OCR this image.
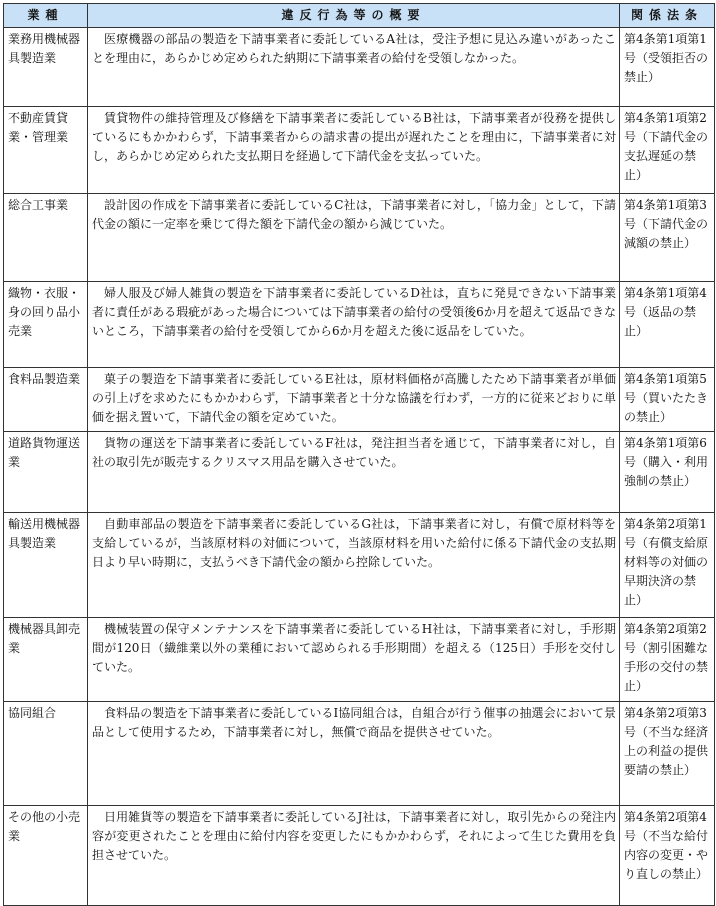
業種	違反行為等の概要	関係法条
業務用機械器具製造業	医療機器の部品の製造を下請事業者に委託しているA社は，受注予想に見込み違いがあったことを理由に，あらかじめ定められた納期に下請事業者の給付を受領しなかった。	第4条第1項第1号（受領拒否の禁止）
不動産賃貸業・管理業	賃貸物件の維持管理及び修繕を下請事業者に委託しているB社は，下請事業者が役務を提供しているにもかかわらず，下請事業者からの請求書の提出が遅れたことを理由に，下請事業者に対し，あらかじめ定められた支払期日を経過して下請代金を支払っていた。	第4条第1項第2号（下請代金の支払遅延の禁止）
総合工事業	設計図の作成を下請事業者に委託しているC社は，下請事業者に対し，「協力金」として，下請代金の額に一定率を乗じて得た額を下請代金の額から減じていた。	第4条第1項第3号（下請代金の減額の禁止）
織物・衣服・身の回り品小売業	婦人服及び婦人雑貨の製造を下請事業者に委託しているD社は，直ちに発見できない下請事業者に責任がある瑕疵があった場合については下請事業者の給付の受領後6か月を超えて返品できないところ，下請事業者の給付を受領してから6か月を超えた後に返品をしていた。	第4条第1項第4号（返品の禁止）
食料品製造業	菓子の製造を下請事業者に委託しているE社は，原材料価格が高騰したため下請事業者が単価の引上げを求めたにもかかわらず，下請事業者と十分な協議を行わず，一方的に従来どおりに単価を据え置いて，下請代金の額を定めていた。	第4条第1項第5号（買いたたきの禁止）
道路貨物運送業	貨物の運送を下請事業者に委託しているF社は，発注担当者を通じて，下請事業者に対し，自社の取引先が販売するクリスマス用品を購入させていた。	第4条第1項第6号（購入・利用強制の禁止）
輸送用機械器具製造業	自動車部品の製造を下請事業者に委託しているG社は，下請事業者に対し，有償で原材料等を支給しているが，当該原材料の対価について，当該原材料を用いた給付に係る下請代金の支払期日より早い時期に，支払うべき下請代金の額から控除していた。	第4条第2項第1号（有償支給原材料等の対価の早期決済の禁止）
機械器具卸売業	機械装置の保守メンテナンスを下請事業者に委託しているH社は，下請事業者に対し，手形期間が120日（繊維業以外の業種において認められる手形期間）を超える（125日）手形を交付していた。	第4条第2項第2号（割引困難な手形の交付の禁止）
協同組合	食料品の製造を下請事業者に委託しているI協同組合は，自組合が行う催事の抽選会において景品として使用するため，下請事業者に対し，無償で商品を提供させていた。	第4条第2項第3号（不当な経済上の利益の提供要請の禁止）
その他の小売業	日用雑貨等の製造を下請事業者に委託しているJ社は，下請事業者に対し，取引先からの発注内容が変更されたことを理由に給付内容を変更したにもかかわらず，それによって生じた費用を負担させていた。	第4条第2項第4号（不当な給付内容の変更・やり直しの禁止）
